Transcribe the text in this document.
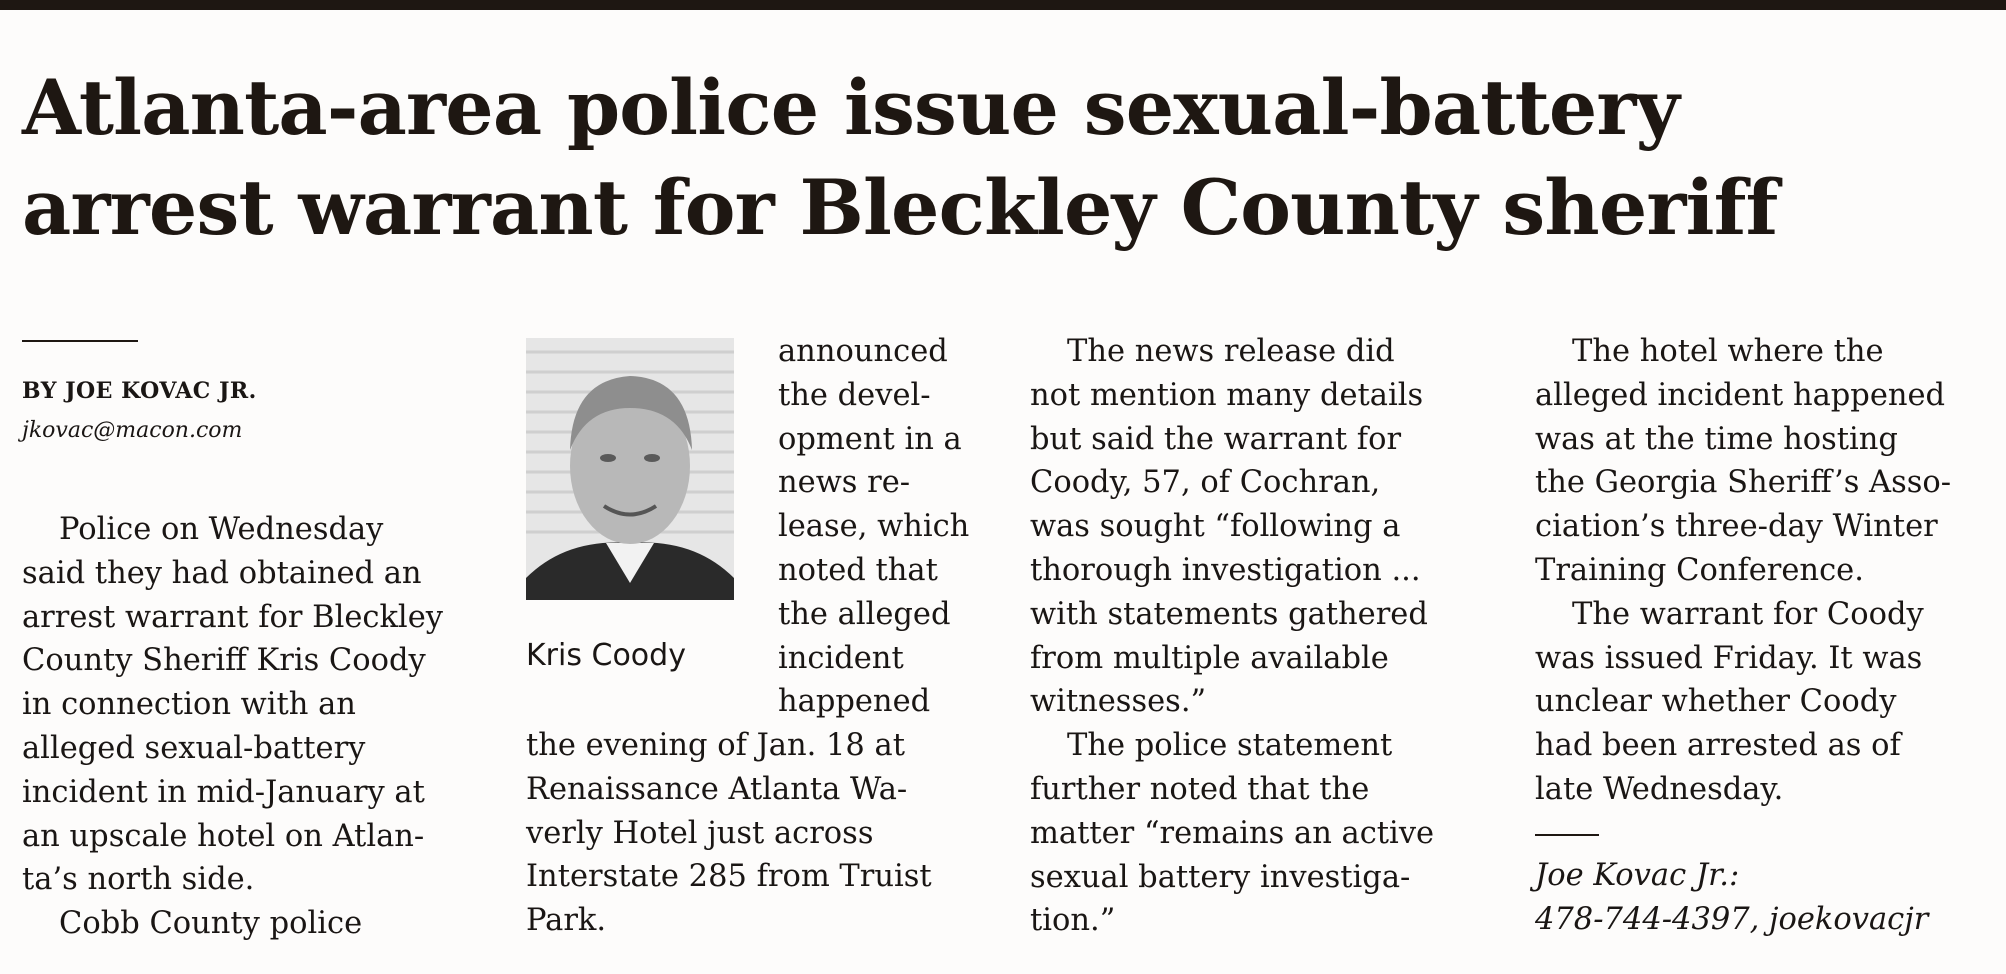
Atlanta-area police issue sexual-battery
arrest warrant for Bleckley County sheriff
BY JOE KOVAC JR.
jkovac@macon.com
Police on Wednesday
said they had obtained an
arrest warrant for Bleckley
County Sheriff Kris Coody
in connection with an
alleged sexual-battery
incident in mid-January at
an upscale hotel on Atlan-
ta’s north side.
Cobb County police
Kris Coody
announced
the devel-
opment in a
news re-
lease, which
noted that
the alleged
incident
happened
the evening of Jan. 18 at
Renaissance Atlanta Wa-
verly Hotel just across
Interstate 285 from Truist
Park.
The news release did
not mention many details
but said the warrant for
Coody, 57, of Cochran,
was sought “following a
thorough investigation ...
with statements gathered
from multiple available
witnesses.”
The police statement
further noted that the
matter “remains an active
sexual battery investiga-
tion.”
The hotel where the
alleged incident happened
was at the time hosting
the Georgia Sheriff’s Asso-
ciation’s three-day Winter
Training Conference.
The warrant for Coody
was issued Friday. It was
unclear whether Coody
had been arrested as of
late Wednesday.
Joe Kovac Jr.:
478-744-4397, joekovacjr
